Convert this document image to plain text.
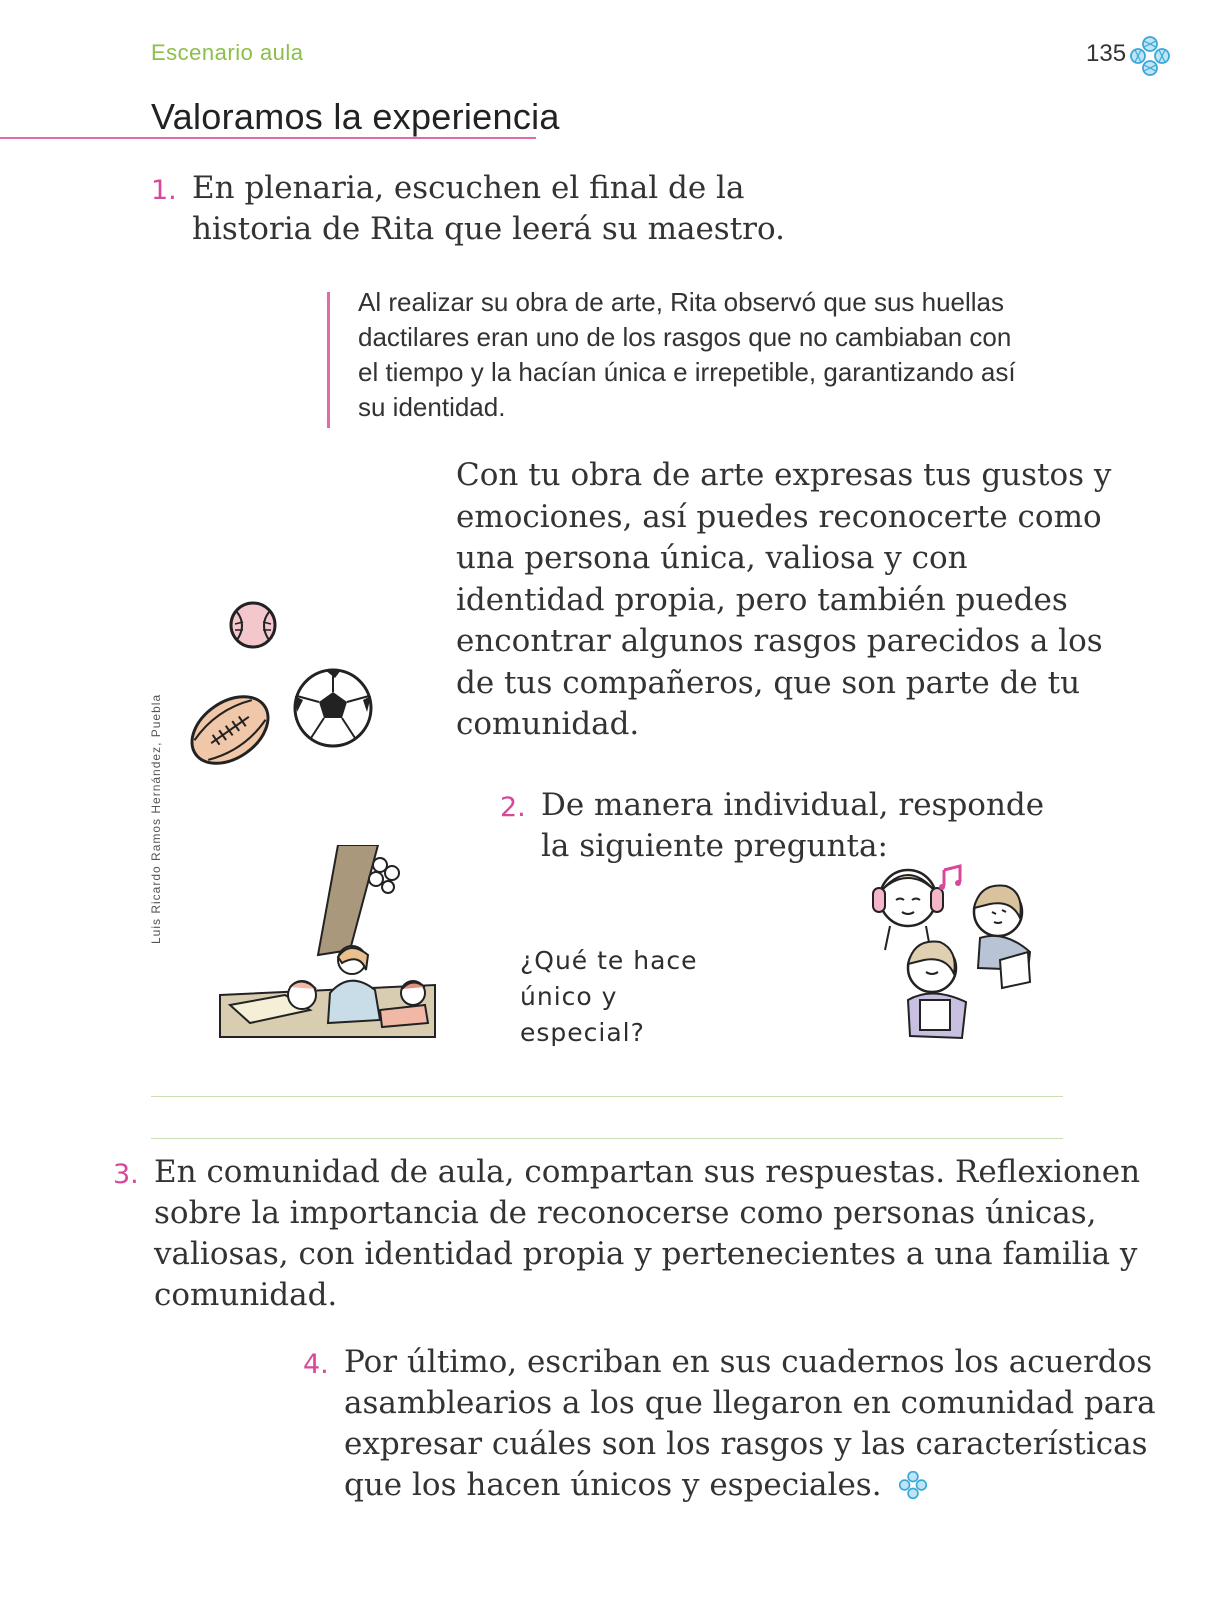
Escenario aula	135
Valoramos la experiencia
1. En plenaria, escuchen el final de la historia de Rita que leerá su maestro.
Al realizar su obra de arte, Rita observó que sus huellas dactilares eran uno de los rasgos que no cambiaban con el tiempo y la hacían única e irrepetible, garantizando así su identidad.
Con tu obra de arte expresas tus gustos y emociones, así puedes reconocerte como una persona única, valiosa y con identidad propia, pero también puedes encontrar algunos rasgos parecidos a los de tus compañeros, que son parte de tu comunidad.
Luis Ricardo Ramos Hernández, Puebla	2. De manera individual, responde la siguiente pregunta:
¿Qué te hace único y especial?
3. En comunidad de aula, compartan sus respuestas. Reflexionen sobre la importancia de reconocerse como personas únicas, valiosas, con identidad propia y pertenecientes a una familia y comunidad.
4. Por último, escriban en sus cuadernos los acuerdos asamblearios a los que llegaron en comunidad para expresar cuáles son los rasgos y las características que los hacen únicos y especiales.
